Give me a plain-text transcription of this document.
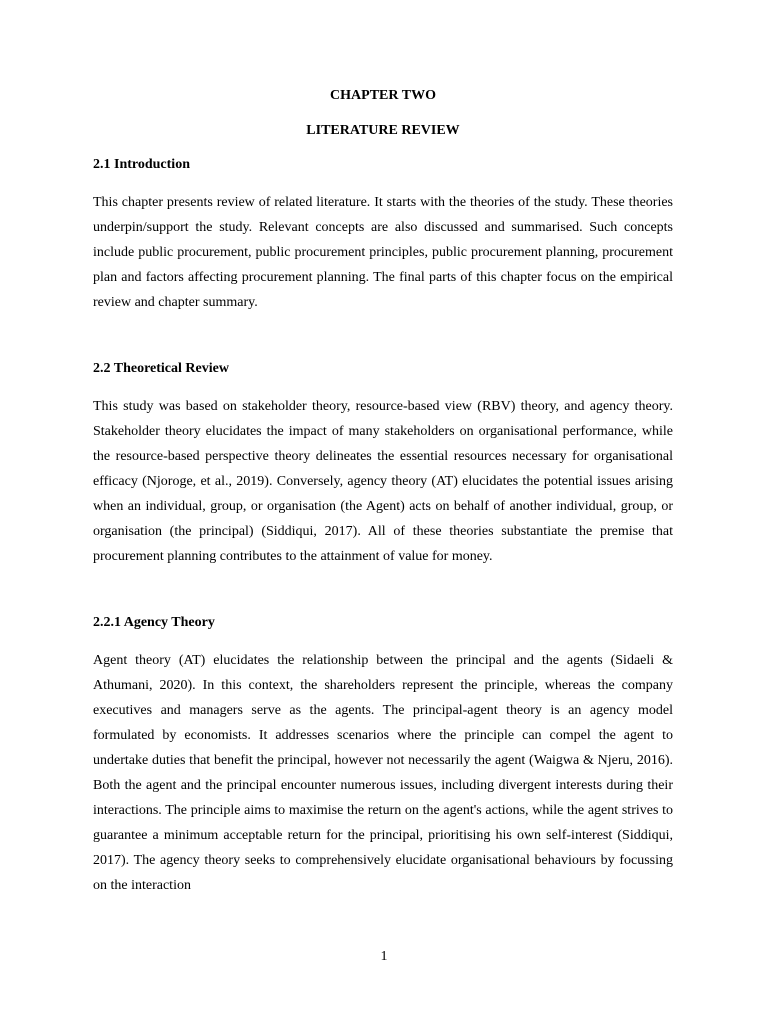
CHAPTER TWO

LITERATURE REVIEW

2.1 Introduction

This chapter presents review of related literature. It starts with the theories of the study. These theories underpin/support the study. Relevant concepts are also discussed and summarised. Such concepts include public procurement, public procurement principles, public procurement planning, procurement plan and factors affecting procurement planning. The final parts of this chapter focus on the empirical review and chapter summary.

2.2 Theoretical Review

This study was based on stakeholder theory, resource-based view (RBV) theory, and agency theory. Stakeholder theory elucidates the impact of many stakeholders on organisational performance, while the resource-based perspective theory delineates the essential resources necessary for organisational efficacy (Njoroge, et al., 2019). Conversely, agency theory (AT) elucidates the potential issues arising when an individual, group, or organisation (the Agent) acts on behalf of another individual, group, or organisation (the principal) (Siddiqui, 2017). All of these theories substantiate the premise that procurement planning contributes to the attainment of value for money.

2.2.1 Agency Theory

Agent theory (AT) elucidates the relationship between the principal and the agents (Sidaeli & Athumani, 2020). In this context, the shareholders represent the principle, whereas the company executives and managers serve as the agents. The principal-agent theory is an agency model formulated by economists. It addresses scenarios where the principle can compel the agent to undertake duties that benefit the principal, however not necessarily the agent (Waigwa & Njeru, 2016). Both the agent and the principal encounter numerous issues, including divergent interests during their interactions. The principle aims to maximise the return on the agent's actions, while the agent strives to guarantee a minimum acceptable return for the principal, prioritising his own self-interest (Siddiqui, 2017). The agency theory seeks to comprehensively elucidate organisational behaviours by focussing on the interaction

1
